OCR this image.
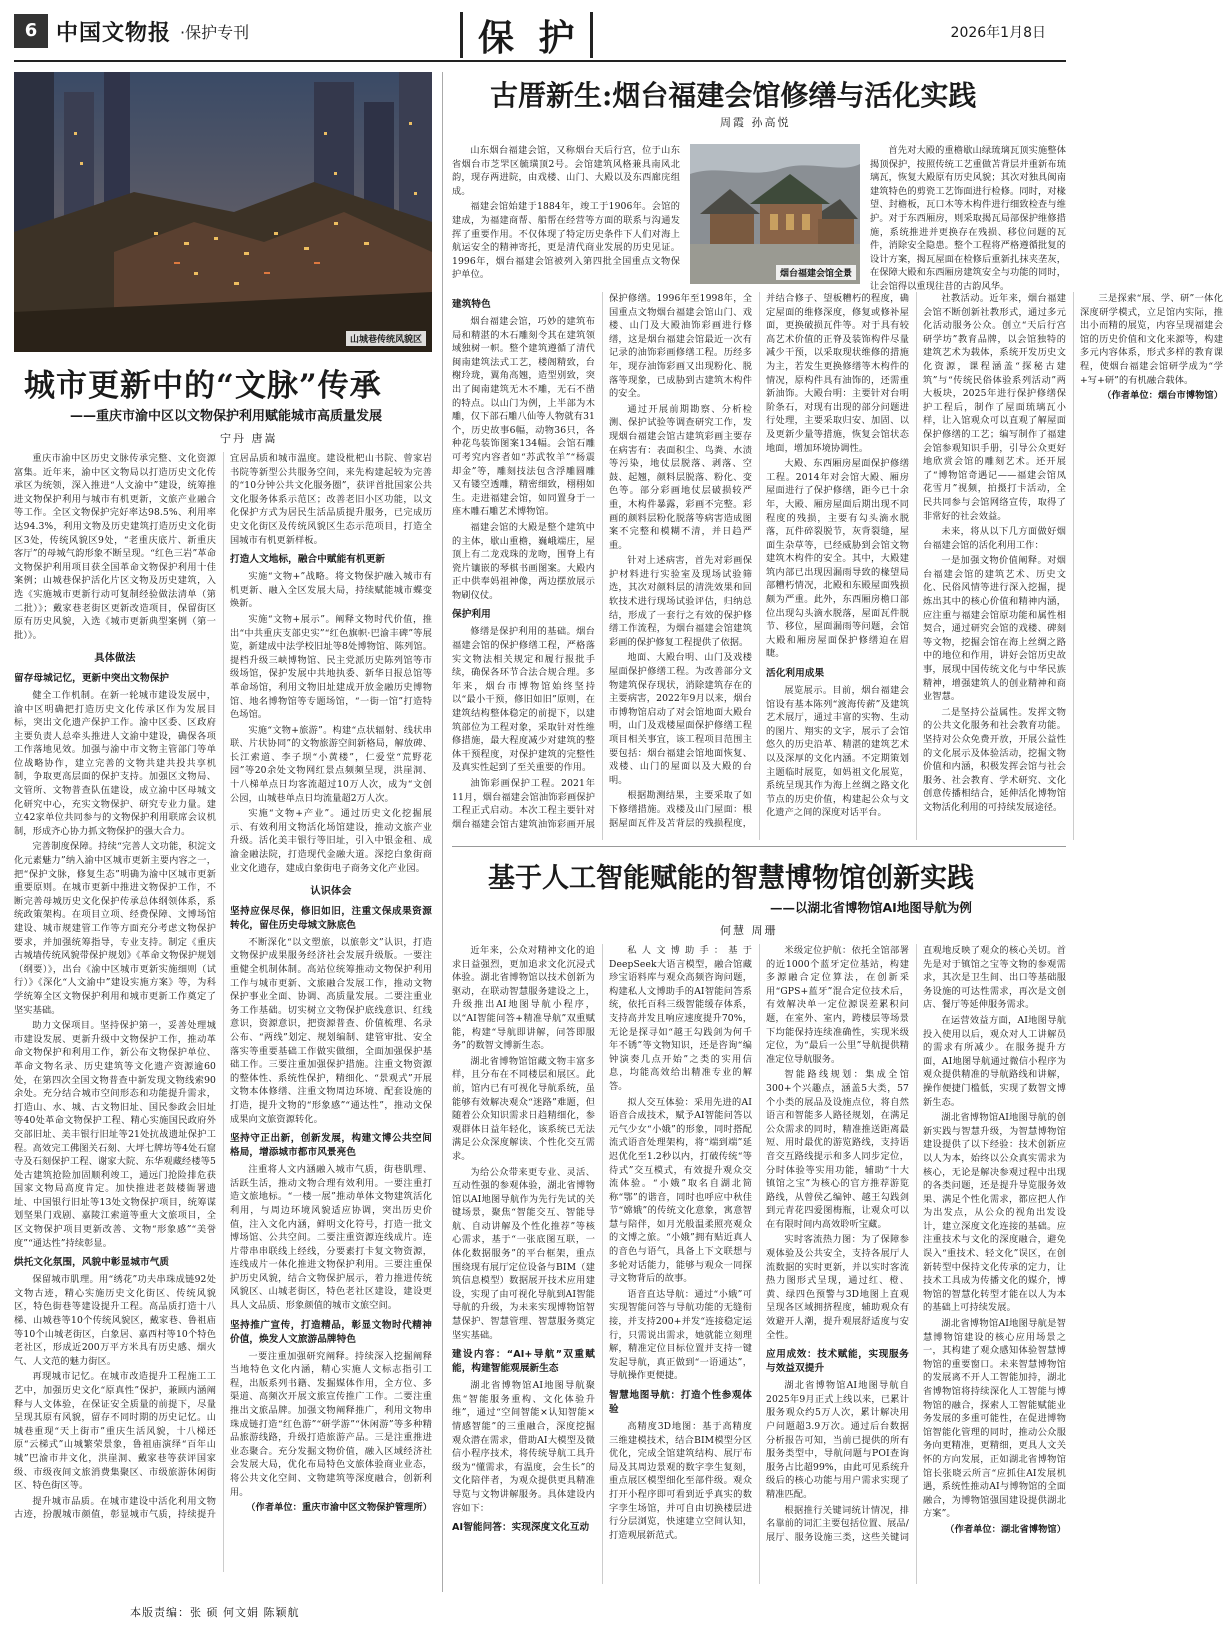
6 中国文物报 ·保护专刊	保 护	2026年1月8日
山城巷传统风貌区
城市更新中的“文脉”传承
——重庆市渝中区以文物保护利用赋能城市高质量发展
宁丹 唐嵩

重庆市渝中区历史文脉传承完整、文化资源富集。近年来，渝中区文物局以打造历史文化传承区为统领，深入推进“人文渝中”建设，统筹推进文物保护利用与城市有机更新，文旅产业融合等工作。全区文物保护完好率达98.5%、利用率达94.3%，利用文物及历史建筑打造历史文化街区3处，传统风貌区9处，“老重庆底片、新重庆客厅”的母城气韵形象不断呈现。“红色三岩”革命文物保护利用项目获全国革命文物保护利用十佳案例；山城巷保护活化片区文物及历史建筑，入选《实施城市更新行动可复制经验做法清单（第二批）》；戴家巷老街区更新改造项目，保留街区原有历史风貌，入选《城市更新典型案例（第一批）》。

具体做法
留存母城记忆，更新中突出文物保护

健全工作机制。在新一轮城市建设发展中，渝中区明确把打造历史文化传承区作为发展目标，突出文化遗产保护工作。渝中区委、区政府主要负责人总牵头推进人文渝中建设，确保各项工作落地见效。加强与渝中市文物主管部门等单位战略协作，建立完善的文物共建共投共享机制，争取更高层面的保护支持。加强区文物局、文管所、文物普查队伍建设，成立渝中区母城文化研究中心，充实文物保护、研究专业力量。建立42家单位共同参与的文物保护利用联席会议机制，形成齐心协力抓文物保护的强大合力。

完善制度保障。持续“完善人文功能，积淀文化元素魅力”纳入渝中区城市更新主要内容之一，把“保护文脉，修复生态”明确为渝中区城市更新重要原则。在城市更新中推进文物保护工作，不断完善母城历史文化保护传承总体纲领体系，系统政策架构。在项目立项、经费保障、文博场馆建设、城市规建管工作等方面充分考虑文物保护要求，并加强统筹指导，专业支持。制定《重庆古城墙传统风貌带保护规划》《革命文物保护规划（纲要）》，出台《渝中区城市更新实施细则（试行）》《深化“人文渝中”建设实施方案》等，为科学统筹全区文物保护利用和城市更新工作奠定了坚实基础。

助力文保项目。坚持保护第一，妥善处理城市建设发展、更新升级中文物保护工作，推动革命文物保护和利用工作，新公布文物保护单位、革命文物名录、历史建筑等文化遗产资源逾60处，在第四次全国文物普查中新发现文物线索90余处。充分结合城市空间形态和功能提升需求，打造山、水、城、古文物旧址、国民参政会旧址等40处革命文物保护工程、精心实施国民政府外交部旧址、美丰银行旧址等21处抗战遗址保护工程。高效完工佛图关石刻、大坪七牌坊等4处石窟寺及石刻保护工程、谢家大院、东华观藏经楼等5处古建筑抢险加固顺利竣工，通远门抢险排危获国家文物局高度肯定。加快推进老鼓楼衙署遗址、中国银行旧址等13处文物保护项目，统筹谋划坚果门戏剧、嘉陵江索道等重大文旅项目，全区文物保护项目更新改善、文物“形象感”“美誉度”“通达性”持续彰显。

烘托文化氛围，风貌中彰显城市气质

保留城市肌理。用“绣花”功夫串珠成链92处文物古迹，精心实施历史文化街区、传统风貌区，特色街巷等建设提升工程。高品质打造十八梯、山城巷等10个传统风貌区，戴家巷、鲁祖庙等10个山城老街区，白象居、嘉西村等10个特色老社区，形成近200万平方米具有历史感、烟火气、人文范的魅力街区。

再现城市记忆。在城市改造提升工程施工工艺中，加强历史文化“原真性”保护，兼顾内涵阐释与人文体验，在保证安全质量的前提下，尽量呈现其原有风貌，留存不同时期的历史记忆。山城巷重现“天上街市”重庆生活风貌，十八梯还原“云梯式”山城繁荣景象，鲁祖庙演绎“百年山城”巴渝市井文化，洪崖洞、戴家巷等获评国家级、市级夜间文旅消费集聚区、市级旅游休闲街区、特色街区等。

提升城市品质。在城市建设中活化利用文物古迹，扮靓城市颜值，彰显城市气质，持续提升宜居品质和城市温度。建设枇杷山书院、曾家岩书院等新型公共服务空间，来先构建起较为完善的“10分钟公共文化服务圈”，获评首批国家公共文化服务体系示范区；改善老旧小区功能，以文化保护方式为居民生活品质提升服务，已完成历史文化街区及传统风貌区生态示范项目，打造全国城市有机更新样板。

打造人文地标，融合中赋能有机更新

实施“文物+”战略。将文物保护融入城市有机更新、融入全区发展大局，持续赋能城市蝶变焕新。

实施“文物+展示”。阐释文物时代价值，推出“中共重庆支部史实”“红色旗帜·巴渝丰碑”等展览，新建成中法学校旧址等8处博物馆、陈列馆。提档升级三峡博物馆、民主党派历史陈列馆等市级场馆，保护发展中共地执委、新华日报总馆等革命场馆，利用文物旧址建成开放金融历史博物馆、地名博物馆等专题场馆，“一街一馆”打造特色场馆。

实施“文物+旅游”。构建“点状辐射、线状串联、片状协同”的文物旅游空间新格局，解放碑、长江索道、李子坝“小黄楼”，仁爱堂“荒野花园”等20余处文物网红景点频频呈现，洪崖洞、十八梯单点日均客流超过10万人次，成为“文创公园，山城巷单点日均流量超2万人次。

实施“文物+产业”。通过历史文化挖掘展示、有效利用文物活化场馆建设，推动文旅产业升级。活化美丰银行等旧址，引入中银金租、成渝金融法院，打造现代金融大道。深挖白象街商业文化遗存，建成白象街电子商务文化产业园。

认识体会
坚持应保尽保，修旧如旧，注重文保成果资源转化，留住历史母城文脉底色

不断深化“以文塑旅，以旅彰文”认识，打造文物保护成果服务经济社会发展升级版。一要注重健全机制体制。高站位统筹推动文物保护利用工作与城市更新、文旅融合发展工作，推动文物保护事业全面、协调、高质量发展。二要注重业务工作基础。切实树立文物保护底线意识、红线意识，资源意识，把资源普查、价值梳理、名录公布、“两线”划定、规划编制、建管审批、安全落实等重要基础工作做实做细，全面加强保护基础工作。三要注重加强保护措施。注重文物资源的整体性、系统性保护，精细化、“景观式”开展文物本体修缮、注重文物周边环境、配套设施的打造，提升文物的“形象感”“通达性”，推动文保成果向文旅资源转化。

坚持守正出新，创新发展，构建文博公共空间格局，增添城市都市风景亮色

注重将人文内涵融入城市气质，街巷肌理、活跃生活，推动文物合理有效利用。一要注重打造文旅地标。“一楼一展”推动单体文物建筑活化利用，与周边环境风貌适应协调，突出历史价值，注入文化内涵，鲜明文化符号，打造一批文博场馆、公共空间。二要注重资源连线成片。连片带串串联线上经线，分要素打卡复文物资源，连线成片一体化推进文物保护利用。三要注重保护历史风貌，结合文物保护展示，着力推进传统风貌区、山城老街区，特色老社区建设，建设更具人文品质、形象颜值的城市文旅空间。

坚持推广宣传，打造精品，彰显文物时代精神价值，焕发人文旅游品牌特色

一要注重加强研究阐释。持续深入挖掘阐释当地特色文化内涵，精心实施人文标志指引工程，出版系列书籍、发掘媒体作用，全方位、多渠道、高频次开展文旅宣传推广工作。二要注重推出文旅品牌。加强文物阐释推广，利用文物串珠成链打造“红色游”“研学游”“休闲游”等多种精品旅游线路，升级打造旅游产品。三是注重推进业态聚合。充分发掘文物价值，融入区域经济社会发展大局，优化布局特色文旅体验商业业态，将公共文化空间、文物建筑等深度融合，创新利用。

（作者单位：重庆市渝中区文物保护管理所）

古厝新生:烟台福建会馆修缮与活化实践
周霞 孙高悦
烟台福建会馆全景

山东烟台福建会馆，又称烟台天后行宫，位于山东省烟台市芝罘区毓璜顶2号。会馆建筑风格兼具南风北韵，现存两进院，由戏楼、山门、大殿以及东西廊庑组成。

福建会馆始建于1884年，竣工于1906年。会馆的建成，为福建商帮、船帮在经营等方面的联系与沟通发挥了重要作用。不仅体现了特定历史条件下人们对海上航运安全的精神寄托，更是清代商业发展的历史见证。1996年，烟台福建会馆被列入第四批全国重点文物保护单位。

首先对大殿的重檐歇山绿琉璃瓦顶实施整体揭顶保护，按照传统工艺重做苫背层并重新布琉璃瓦，恢复大殿原有历史风貌；其次对独具闽南建筑特色的剪瓷工艺饰面进行检修。同时，对椽望、封檐板，瓦口木等木构件进行细致检查与维护。对于东西厢房，则采取揭瓦局部保护维修措施，系统推进并更换存在残损、移位问题的瓦件，消除安全隐患。整个工程将严格遵循批复的设计方案，揭瓦屋面在检修后重新扎抹夹垄灰，在保障大殿和东西厢房建筑安全与功能的同时，让会馆得以重现往昔的古韵风华。

建筑特色

烟台福建会馆，巧妙的建筑布局和精湛的木石雕刻令其在建筑领域独树一帜。整个建筑遵循了清代闽南建筑法式工艺，楼阁精致，台榭玲珑，翼角高翘，造型别致，突出了闽南建筑无木不雕，无石不凿的特点。以山门为例，上半部为木雕，仅下部石雕八仙等人物就有31个，历史故事6幅，动物36只，各种花鸟装饰图案134幅。会馆石雕可考究内容者如“苏武牧羊”“杨震却金”等，雕刻技法包含浮雕圆雕又有镂空透雕，精密细致，栩栩如生。走进福建会馆，如同置身于一座木雕石雕艺术博物馆。

福建会馆的大殿是整个建筑中的主体，歇山重檐，巍峨端庄，屋顶上有二龙戏珠的龙吻，围脊上有瓷片镶嵌的琴棋书画图案。大殿内正中供奉妈祖神像，两边摆放展示物刷仪仗。

保护利用

修缮是保护利用的基础。烟台福建会馆的保护修缮工程，严格落实文物法相关规定和履行报批手续，确保各环节合法合规合理。多年来，烟台市博物馆始终坚持以“最小干预，修旧如旧”原则，在建筑结构整体稳定的前提下，以建筑部位为工程对象，采取针对性维修措施，最大程度减少对建筑的整体干预程度，对保护建筑的完整性及真实性起到了至关重要的作用。

油饰彩画保护工程。2021年11月，烟台福建会馆油饰彩画保护工程正式启动。本次工程主要针对烟台福建会馆古建筑油饰彩画开展保护修缮。1996年至1998年，全国重点文物烟台福建会馆山门、戏楼、山门及大殿油饰彩画进行修缮，这是烟台福建会馆最近一次有记录的油饰彩画修缮工程。历经多年，现存油饰彩画又出现粉化、脱落等现象，已成胁到古建筑木构件的安全。

通过开展前期勘察、分析检测、保护试验等调查研究工作，发现烟台福建会馆古建筑彩画主要存在病害有：表面积尘、鸟粪、水渍等污染，地仗层脱落、剥落、空鼓、起翘，颜料层脱落、粉化、变色等。部分彩画地仗层破损较严重，木构件暴露，彩画不完整。彩画的颜料层粉化脱落等病害造成图案不完整和模糊不清，并日趋严重。

针对上述病害，首先对彩画保护材料进行实验室及现场试验筛选，其次对颜料层的清洗效果和回软技术进行现场试验评估，归纳总结，形成了一套行之有效的保护修缮工作流程，为烟台福建会馆建筑彩画的保护修复工程提供了依据。

地面、大殿台明、山门及戏楼屋面保护修缮工程。为改善部分文物建筑保存现状，消除建筑存在的主要病害，2022年9月以来，烟台市博物馆启动了对会馆地面大殿台明，山门及戏楼屋面保护修缮工程项目相关事宜，该工程项目范围主要包括：烟台福建会馆地面恢复、戏楼、山门的屋面以及大殿的台明。

根据勘测结果，主要采取了如下修缮措施。戏楼及山门屋面：根据屋面瓦件及苫背层的残损程度，并结合修子、望板糟朽的程度，确定屋面的维修深度，修复或修补屋面，更换破损瓦件等。对于具有较高艺术价值的正脊及装饰构件尽量减少干预，以采取现状维修的措施为主，若发生更换修缮等木构件的情况，原构件具有油饰的，还需重新油饰。大殿台明：主要针对台明阶条石，对现有出现的部分问题进行处理，主要采取归安、加固、以及更新少量等措施，恢复会馆状态地面，增加环境协调性。

大殿、东西厢房屋面保护修缮工程。2014年对会馆大殿、厢房屋面进行了保护修缮，距今已十余年，大殿、厢房屋面后期出现不同程度的残损，主要有勾头滴水脱落，瓦件碎裂脱节，灰背裂缝，屋面生杂草等，已经威胁到会馆文物建筑木构件的安全。其中，大殿建筑内部已出现因漏雨导致的椽望局部糟朽情况，北殿和东殿屋面残损颇为严重。此外，东西厢房檐口部位出现勾头滴水脱落，屋面瓦件脱节、移位，屋面漏雨等问题，会馆大殿和厢房屋面保护修缮迫在眉睫。

活化利用成果

展览展示。目前，烟台福建会馆设有基本陈列“渡海传薪”及建筑艺术展厅，通过丰富的实物、生动的图片、翔实的文字，展示了会馆悠久的历史沿革、精湛的建筑艺术以及深厚的文化内涵。不定期策划主题临时展览，如妈祖文化展览，系统呈现其作为海上丝绸之路文化节点的历史价值，构建起公众与文化遗产之间的深度对话平台。

社教活动。近年来，烟台福建会馆不断创新社教形式，通过多元化活动服务公众。创立“天后行宫研学坊”教育品牌，以会馆独特的建筑艺术为载体，系统开发历史文化资源，课程涵盖“探秘古建筑”与“传统民俗体验系列活动”两大板块，2025年进行保护修缮保护工程后，制作了屋面琉璃瓦小样，让入馆观众可以直观了解屋面保护修缮的工艺；编写制作了福建会馆参观知识手册，引导公众更好地欣赏会馆的雕刻艺术。还开展了“博物馆奇遇记——福建会馆凤花雪月”视频，拍摄打卡活动，全民共同参与会馆网络宣传，取得了非常好的社会效益。

未来，将从以下几方面做好烟台福建会馆的活化利用工作：

一是加强文物价值阐释。对烟台福建会馆的建筑艺术、历史文化、民俗风情等进行深入挖掘，提炼出其中的核心价值和精神内涵，应注重与福建会馆原功能和属性相契合，通过研究会馆的戏楼、碑刻等文物，挖掘会馆在海上丝绸之路中的地位和作用，讲好会馆历史故事，展现中国传统文化与中华民族精神，增强建筑人的创业精神和商业智慧。

二是坚持公益属性。发挥文物的公共文化服务和社会教育功能。坚持对公众免费开放，开展公益性的文化展示及体验活动，挖掘文物价值和内涵，积极发挥会馆与社会服务、社会教育、学术研究、文化创意传播相结合，延伸活化博物馆文物活化利用的可持续发展途径。

三是探索“展、学、研”一体化深度研学模式，立足馆内实际，推出小而精的展览，内容呈现福建会馆的历史价值和文化来源等，构建多元内容体系，形式多样的教育课程，使烟台福建会馆研学成为“学+写+研”的有机融合载体。

（作者单位：烟台市博物馆）

基于人工智能赋能的智慧博物馆创新实践
——以湖北省博物馆AI地图导航为例
何慧 周珊

近年来，公众对精神文化的追求日益强烈，更加追求文化沉浸式体验。湖北省博物馆以技术创新为驱动，在联动智慧服务建设之上，升级推出AI地图导航小程序，以“AI智能问答+精准导航”双重赋能，构建“导航即讲解，问答即服务”的数智文博新生态。

湖北省博物馆馆藏文物丰富多样，且分布在不同楼层和展区。此前，馆内已有可视化导航系统，虽能够有效解决观众“迷路”难题，但随着公众知识需求日趋精细化，参观群体日益年轻化，该系统已无法满足公众深度解读、个性化交互需求。

为给公众带来更专业、灵活、互动性强的参观体验，湖北省博物馆以AI地图导航作为先行先试的关键场景，聚焦“智能交互、智能导航、自动讲解及个性化推荐”等核心需求，基于“一张底图互联，一体化数据服务”的平台框架，重点围绕现有展厅定位设备与BIM（建筑信息模型）数据展开技术应用建设，实现了由可视化导航到AI智能导航的升级，为未来实现博物馆智慧保护、智慧管理、智慧服务奠定坚实基础。

建设内容：“AI+导航”双重赋能，构建智能观展新生态

湖北省博物馆AI地图导航聚焦“智能服务重构、文化体验升维”，通过“空间智能×认知智能×情感智能”的三重融合，深度挖掘观众潜在需求，借助AI大模型及微信小程序技术，将传统导航工具升级为“懂需求，有温度，会生长”的文化陪伴者，为观众提供更具精准导览与文物讲解服务。具体建设内容如下：

AI智能问答：实现深度文化互动

私人文博助手：基于DeepSeek大语言模型，融合馆藏珍宝语料库与观众高频咨询问题，构建私人文博助手的AI智能问答系统，依托百科三级智能缓存体系，支持高并发且响应速度提升70%，无论是探寻如“越王勾践剑为何千年不锈”等文物知识，还是咨询“编钟演奏几点开始”之类的实用信息，均能高效给出精准专业的解答。

拟人交互体验：采用先进的AI语音合成技术，赋予AI智能问答以元气少女“小娥”的形象，同时搭配流式语音处理架构，将“端到端”延迟优化至1.2秒以内，打破传统“等待式”交互模式，有效提升观众交流体验。“小娥”取名自湖北简称“鄂”的谐音，同时也呼应中秋佳节“嫦娥”的传统文化意象，寓意智慧与陪伴，如月光般温柔照亮观众的文博之旅。“小娥”拥有贴近真人的音色与语气，具备上下文联想与多轮对话能力，能够与观众一同探寻文物背后的故事。

语音直达导航：通过“小娥”可实现智能问答与导航功能的无缝衔接，并支持200+并发“连接稳定运行，只需说出需求，她就能立刻理解，精准定位目标位置并支持一键发起导航，真正做到“一语通达”，导航操作更便捷。

智慧地图导航：打造个性参观体验

高精度3D地图：基于高精度三维建模技术，结合BIM模型分区优化，完成全馆建筑结构、展厅布局及其周边景观的数字孪生复刻，重点展区模型细化至部件级。观众打开小程序即可看到近乎真实的数字孪生场馆，并可自由切换楼层进行分层浏览，快速建立空间认知，打造观展新范式。

米级定位护航：依托全馆部署的近1000个蓝牙定位基站，构建多源融合定位算法，在创新采用“GPS+蓝牙”混合定位技术后，有效解决单一定位源误差累积问题，在室外、室内，跨楼层等场景下均能保持连续准确性，实现米级定位，为“最后一公里”导航提供精准定位导航服务。

智能路线规划：集成全馆300+个兴趣点，涵盖5大类，57个小类的展品及设施点位，将自然语言和智能多人路径规划，在满足公众需求的同时，精准推送距离最短、用时最优的游览路线，支持语音交互路线提示和多人同步定位，分时体验等实用功能，辅助“十大镇馆之宝”为核心的官方推荐游览路线，从曾侯乙编钟、越王勾践剑到元青花四爱图梅瓶，让观众可以在有限时间内高效聆听宝藏。

实时客流热力图：为了保障参观体验及公共安全，支持各展厅人流数据的实时更新，并以实时客流热力图形式呈现，通过红、橙、黄、绿四色预警与3D地图上直观呈现各区域拥挤程度，辅助观众有效避开人潮，提升观展舒适度与安全性。

应用成效：技术赋能，实现服务与效益双提升

湖北省博物馆AI地图导航自2025年9月正式上线以来，已累计服务观众约5万人次，累计解决用户问题超3.9万次。通过后台数据分析报告可知，当前已提供的所有服务类型中，导航问题与POI查询服务占比超99%，由此可见系统升级后的核心功能与用户需求实现了精准匹配。

根据推行关键词统计情况，排名靠前的词汇主要包括位置、展品/展厅、服务设施三类，这些关键词直观地反映了观众的核心关切。首先是对于镇馆之宝等文物的参观需求，其次是卫生间、出口等基础服务设施的可达性需求，再次是文创店、餐厅等延伸服务需求。

在运营效益方面，AI地图导航投入使用以后，观众对人工讲解员的需求有所减少。在服务提升方面，AI地图导航通过微信小程序为观众提供精准的导航路线和讲解，操作便捷门槛低，实现了数智文博新生态。

湖北省博物馆AI地图导航的创新实践与智慧升级，为智慧博物馆建设提供了以下经验：技术创新应以人为本，始终以公众真实需求为核心，无论是解决参观过程中出现的各类问题，还是提升导览服务效果、满足个性化需求，都应把人作为出发点，从公众的视角出发设计，建立深度文化连接的基础。应注重技术与文化的深度融合，避免误入“重技术、轻文化”误区，在创新转型中保持文化传承的定力，让技术工具成为传播文化的媒介，博物馆的智慧化转型才能在以人为本的基础上可持续发展。

湖北省博物馆AI地图导航是智慧博物馆建设的核心应用场景之一，其构建了观众感知体验智慧博物馆的重要窗口。未来智慧博物馆的发展离不开人工智能加持，湖北省博物馆将持续深化人工智能与博物馆的融合，探索人工智能赋能业务发展的多重可能性，在促进博物馆智能化管理的同时，推动公众服务向更精准，更精细，更具人文关怀的方向发展，正如湖北省博物馆馆长张晓云所言“应抓住AI发展机遇，系统性推动AI与博物馆的全面融合，为博物馆强国建设提供湖北方案”。

（作者单位：湖北省博物馆）

本版责编：张 硕 何文娟 陈颖航
